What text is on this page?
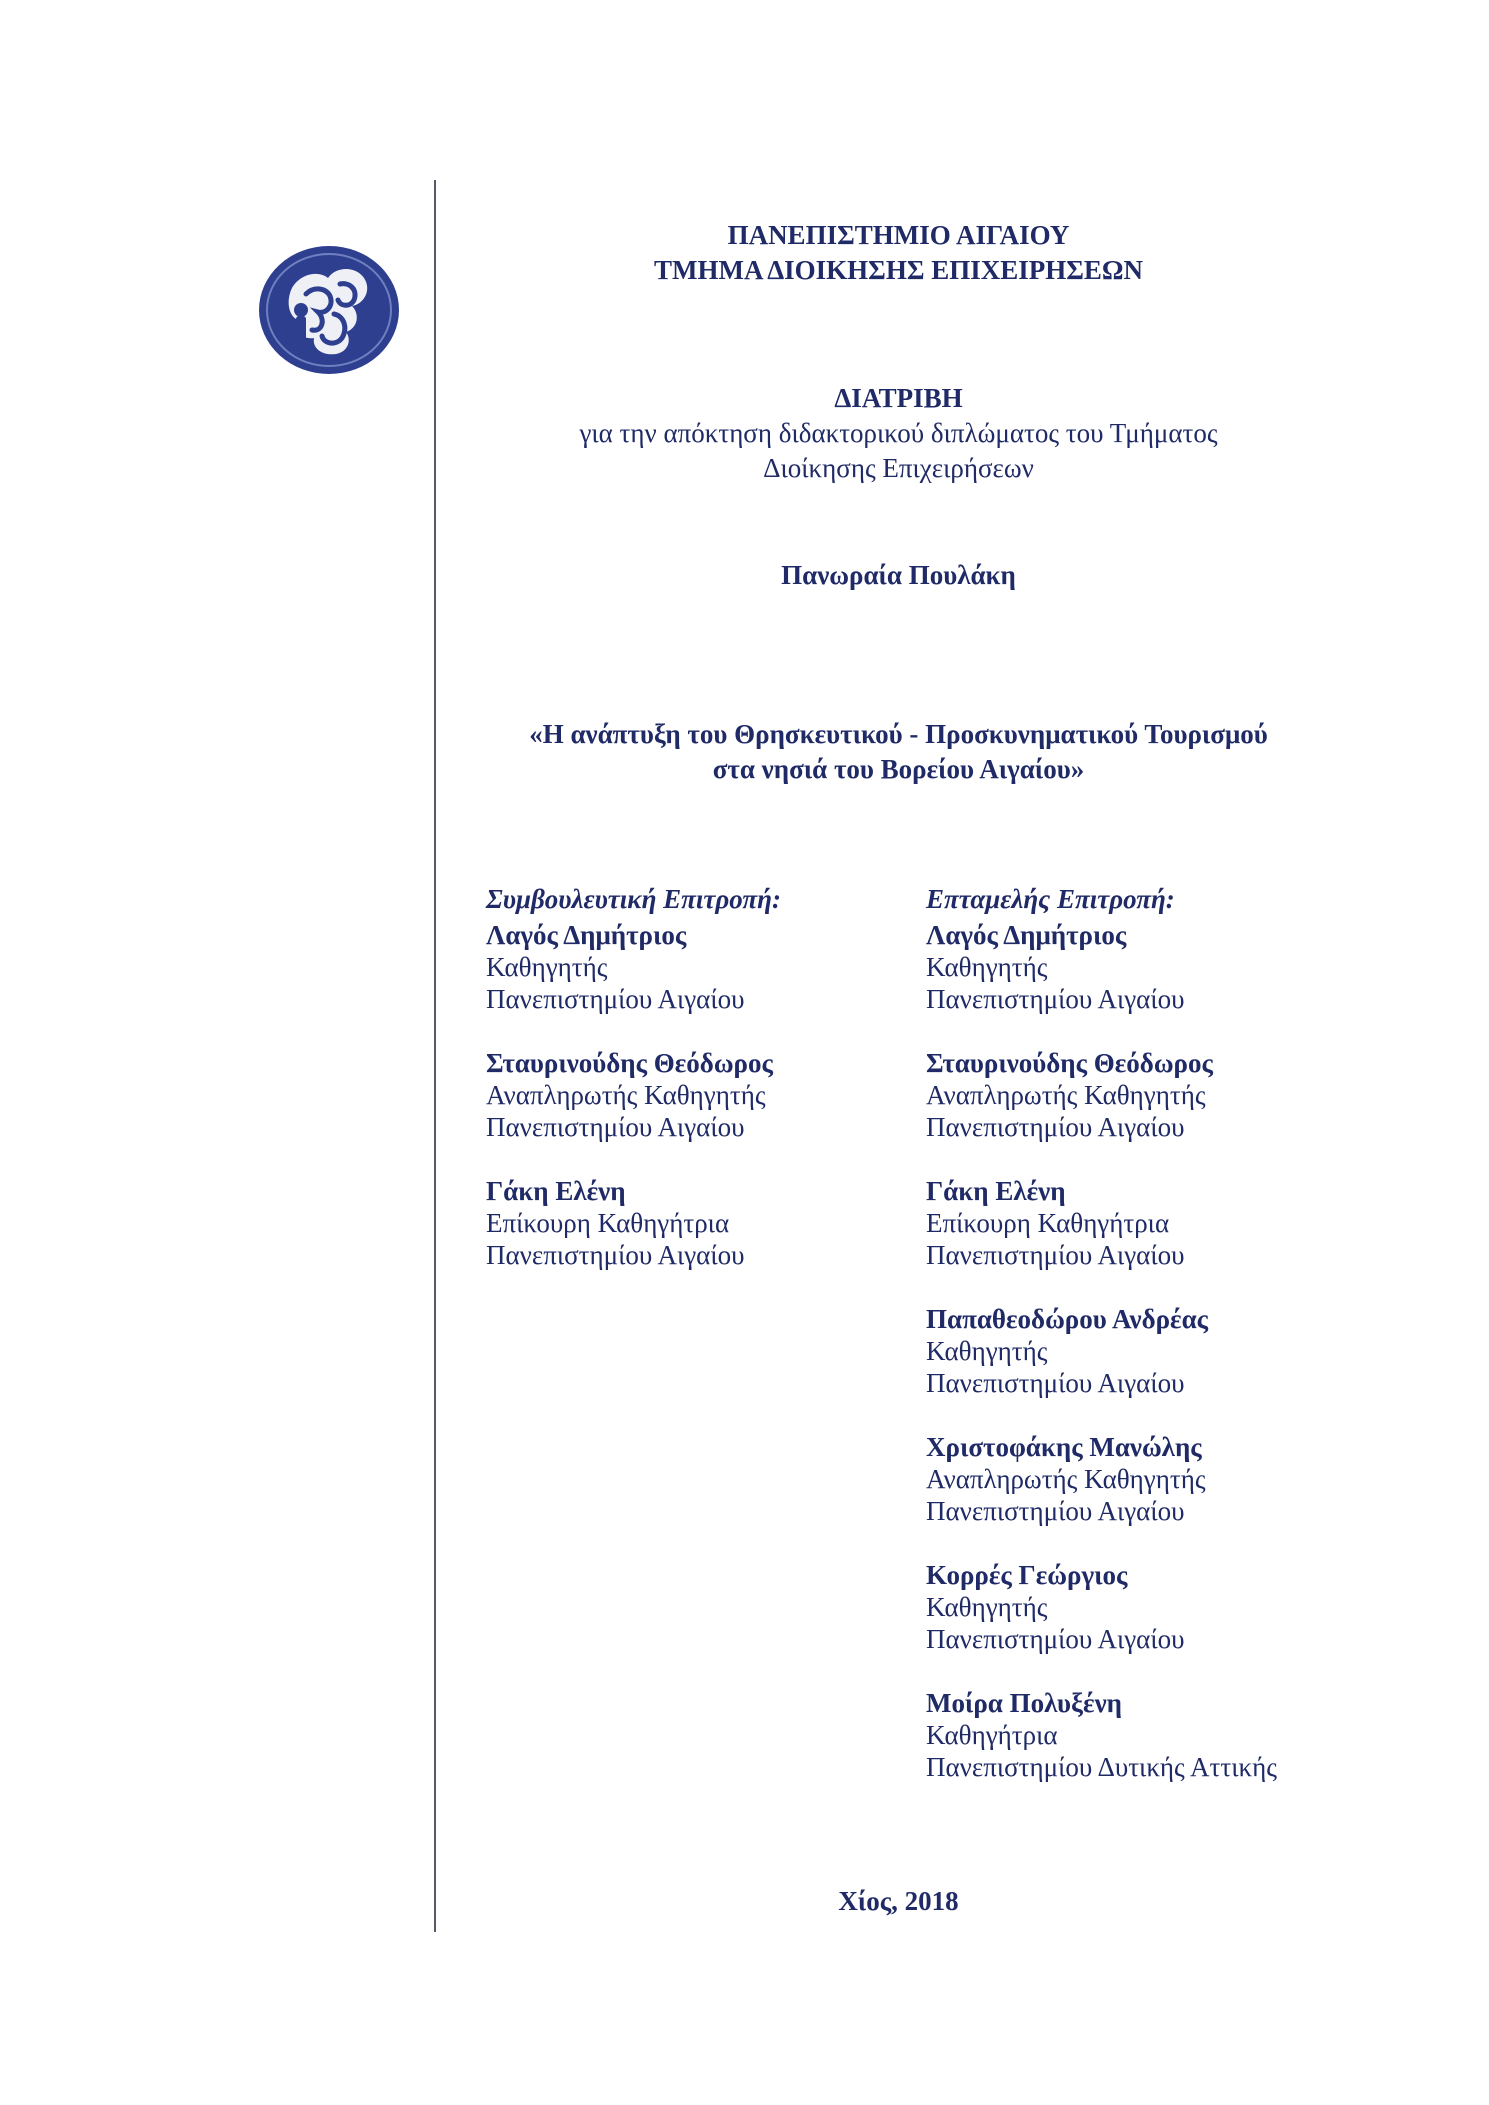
ΠΑΝΕΠΙΣΤΗΜΙΟ ΑΙΓΑΙΟΥ
ΤΜΗΜΑ ΔΙΟΙΚΗΣΗΣ ΕΠΙΧΕΙΡΗΣΕΩΝ
ΔΙΑΤΡΙΒΗ
για την απόκτηση διδακτορικού διπλώματος του Τμήματος
Διοίκησης Επιχειρήσεων
Πανωραία Πουλάκη
«Η ανάπτυξη του Θρησκευτικού - Προσκυνηματικού Τουρισμού
στα νησιά του Βορείου Αιγαίου»
Συμβουλευτική Επιτροπή:
Λαγός Δημήτριος
Καθηγητής
Πανεπιστημίου Αιγαίου
Σταυρινούδης Θεόδωρος
Αναπληρωτής Καθηγητής
Πανεπιστημίου Αιγαίου
Γάκη Ελένη
Επίκουρη Καθηγήτρια
Πανεπιστημίου Αιγαίου
Επταμελής Επιτροπή:
Λαγός Δημήτριος
Καθηγητής
Πανεπιστημίου Αιγαίου
Σταυρινούδης Θεόδωρος
Αναπληρωτής Καθηγητής
Πανεπιστημίου Αιγαίου
Γάκη Ελένη
Επίκουρη Καθηγήτρια
Πανεπιστημίου Αιγαίου
Παπαθεοδώρου Ανδρέας
Καθηγητής
Πανεπιστημίου Αιγαίου
Χριστοφάκης Μανώλης
Αναπληρωτής Καθηγητής
Πανεπιστημίου Αιγαίου
Κορρές Γεώργιος
Καθηγητής
Πανεπιστημίου Αιγαίου
Μοίρα Πολυξένη
Καθηγήτρια
Πανεπιστημίου Δυτικής Αττικής
Χίος, 2018
